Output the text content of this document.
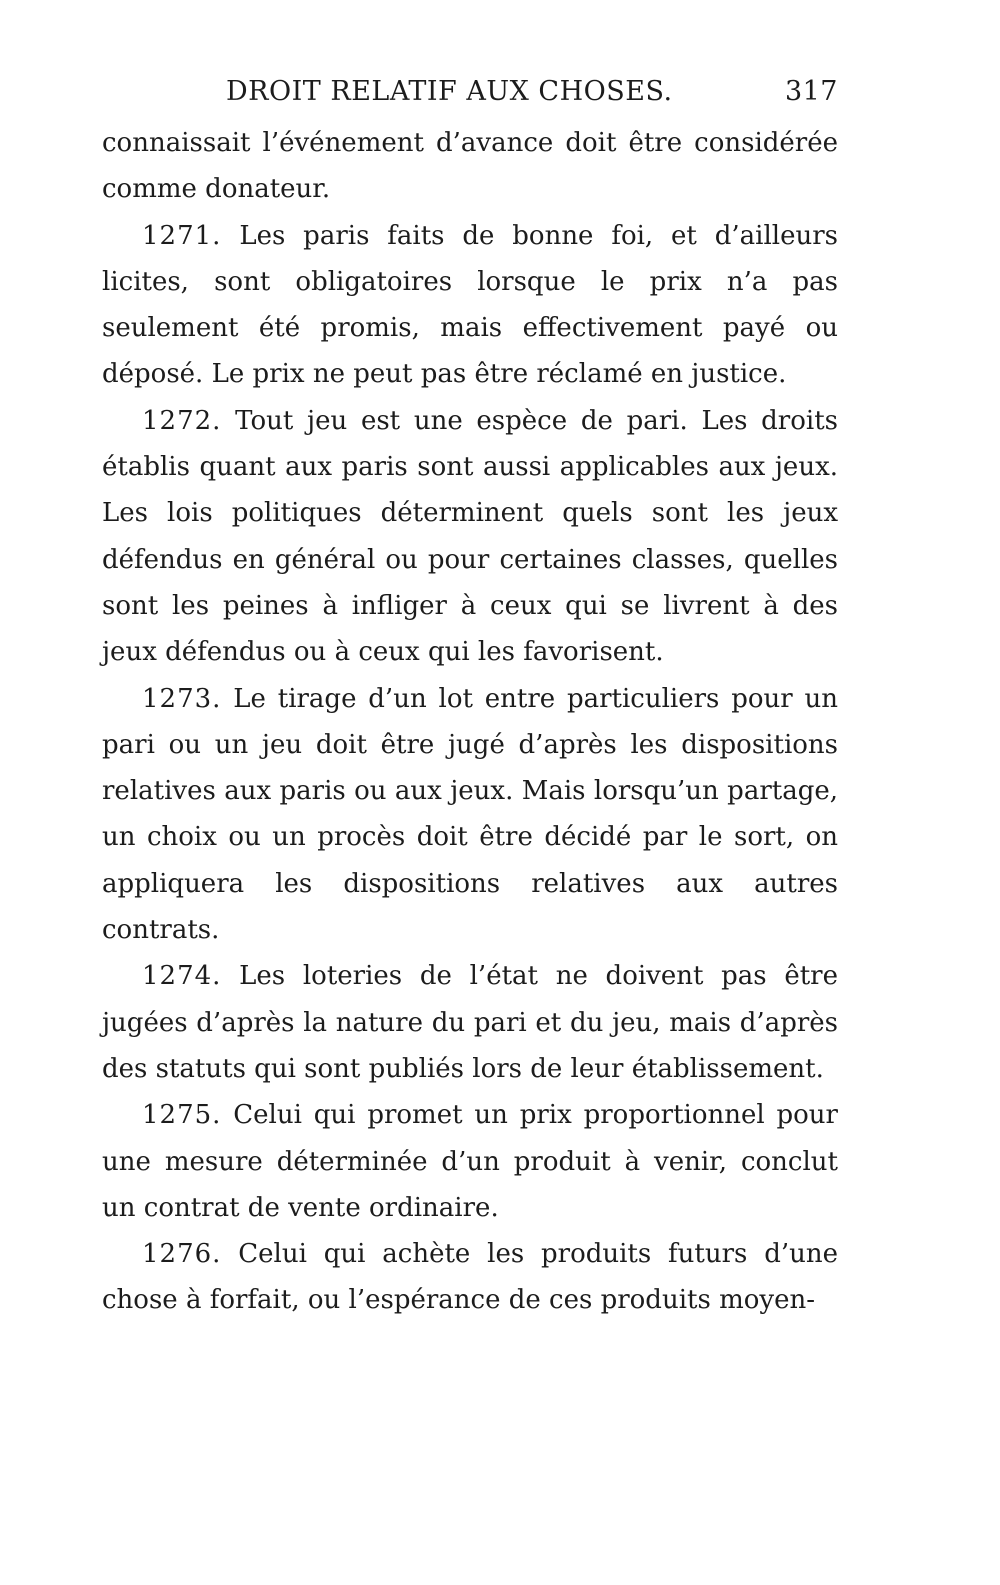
DROIT RELATIF AUX CHOSES.	317

connaissait l’événement d’avance doit être considérée comme donateur.

1271. Les paris faits de bonne foi, et d’ailleurs licites, sont obligatoires lorsque le prix n’a pas seulement été promis, mais effectivement payé ou déposé. Le prix ne peut pas être réclamé en justice.

1272. Tout jeu est une espèce de pari. Les droits établis quant aux paris sont aussi applicables aux jeux. Les lois politiques déterminent quels sont les jeux défendus en général ou pour certaines classes, quelles sont les peines à infliger à ceux qui se livrent à des jeux défendus ou à ceux qui les favorisent.

1273. Le tirage d’un lot entre particuliers pour un pari ou un jeu doit être jugé d’après les dispositions relatives aux paris ou aux jeux. Mais lorsqu’un partage, un choix ou un procès doit être décidé par le sort, on appliquera les dispositions relatives aux autres contrats.

1274. Les loteries de l’état ne doivent pas être jugées d’après la nature du pari et du jeu, mais d’après des statuts qui sont publiés lors de leur établissement.

1275. Celui qui promet un prix proportionnel pour une mesure déterminée d’un produit à venir, conclut un contrat de vente ordinaire.

1276. Celui qui achète les produits futurs d’une chose à forfait, ou l’espérance de ces produits moyen-
